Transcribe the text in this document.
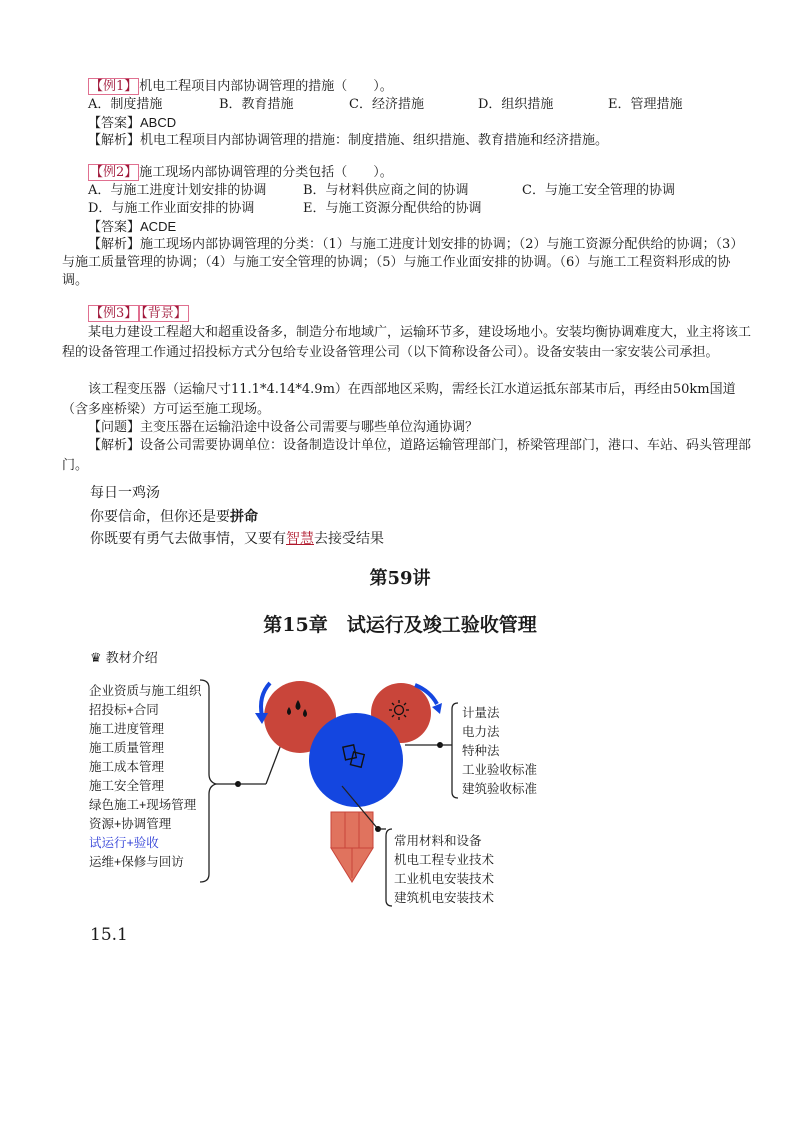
【例1】 机电工程项目内部协调管理的措施（　　）。
A．制度措施	B．教育措施	C．经济措施	D．组织措施	E．管理措施
【答案】ABCD
【解析】机电工程项目内部协调管理的措施：制度措施、组织措施、教育措施和经济措施。
【例2】 施工现场内部协调管理的分类包括（　　）。
A．与施工进度计划安排的协调	B．与材料供应商之间的协调	C．与施工安全管理的协调
D．与施工作业面安排的协调	E．与施工资源分配供给的协调
【答案】ACDE
【解析】施工现场内部协调管理的分类：（1）与施工进度计划安排的协调；（2）与施工资源分配供给的协调；（3）与施工质量管理的协调；（4）与施工安全管理的协调；（5）与施工作业面安排的协调。（6）与施工工程资料形成的协调。
【例3】 【背景】
某电力建设工程超大和超重设备多，制造分布地域广，运输环节多，建设场地小。安装均衡协调难度大，业主将该工程的设备管理工作通过招投标方式分包给专业设备管理公司（以下简称设备公司）。设备安装由一家安装公司承担。
该工程变压器（运输尺寸11.1*4.14*4.9m）在西部地区采购，需经长江水道运抵东部某市后，再经由50km国道（含多座桥梁）方可运至施工现场。
【问题】主变压器在运输沿途中设备公司需要与哪些单位沟通协调？
【解析】设备公司需要协调单位：设备制造设计单位，道路运输管理部门，桥梁管理部门，港口、车站、码头管理部门。
每日一鸡汤
你要信命，但你还是要拼命
你既要有勇气去做事情，又要有智慧去接受结果
第59讲
第15章　试运行及竣工验收管理
♛ 教材介绍
企业资质与施工组织
招投标+合同
施工进度管理
施工质量管理
施工成本管理
施工安全管理
绿色施工+现场管理
资源+协调管理
试运行+验收
运维+保修与回访
计量法
电力法
特种法
工业验收标准
建筑验收标准
常用材料和设备
机电工程专业技术
工业机电安装技术
建筑机电安装技术
15.1
